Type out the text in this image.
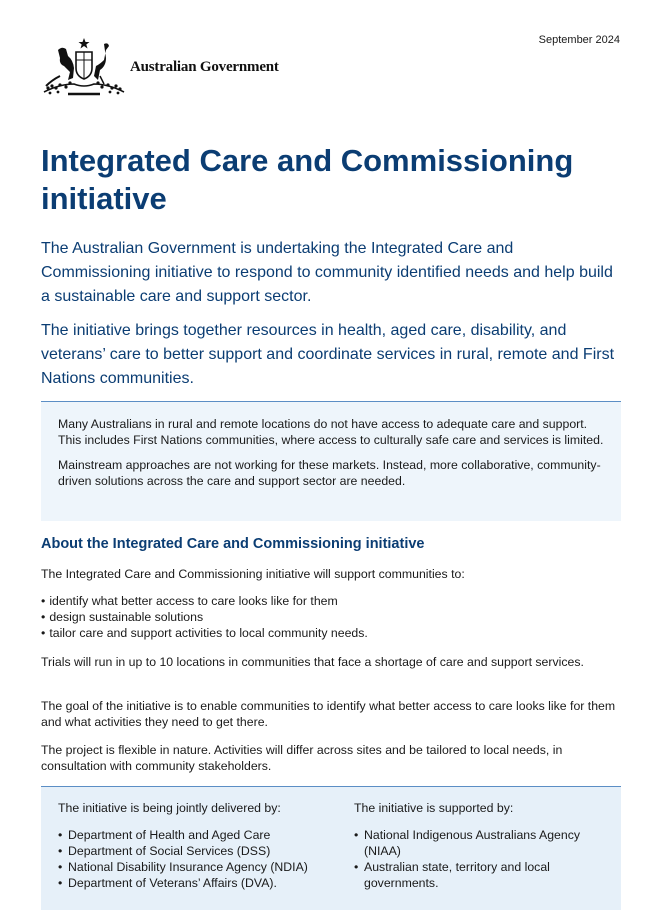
September 2024
Australian Government
Integrated Care and Commissioning initiative

The Australian Government is undertaking the Integrated Care and Commissioning initiative to respond to community identified needs and help build a sustainable care and support sector.

The initiative brings together resources in health, aged care, disability, and veterans’ care to better support and coordinate services in rural, remote and First Nations communities.

Many Australians in rural and remote locations do not have access to adequate care and support. This includes First Nations communities, where access to culturally safe care and services is limited.

Mainstream approaches are not working for these markets. Instead, more collaborative, community-driven solutions across the care and support sector are needed.

About the Integrated Care and Commissioning initiative

The Integrated Care and Commissioning initiative will support communities to:

• identify what better access to care looks like for them
• design sustainable solutions
• tailor care and support activities to local community needs.

Trials will run in up to 10 locations in communities that face a shortage of care and support services.

The goal of the initiative is to enable communities to identify what better access to care looks like for them and what activities they need to get there.

The project is flexible in nature. Activities will differ across sites and be tailored to local needs, in consultation with community stakeholders.

The initiative is being jointly delivered by:

• Department of Health and Aged Care
• Department of Social Services (DSS)
• National Disability Insurance Agency (NDIA)
• Department of Veterans’ Affairs (DVA).

The initiative is supported by:

• National Indigenous Australians Agency (NIAA)
• Australian state, territory and local governments.
